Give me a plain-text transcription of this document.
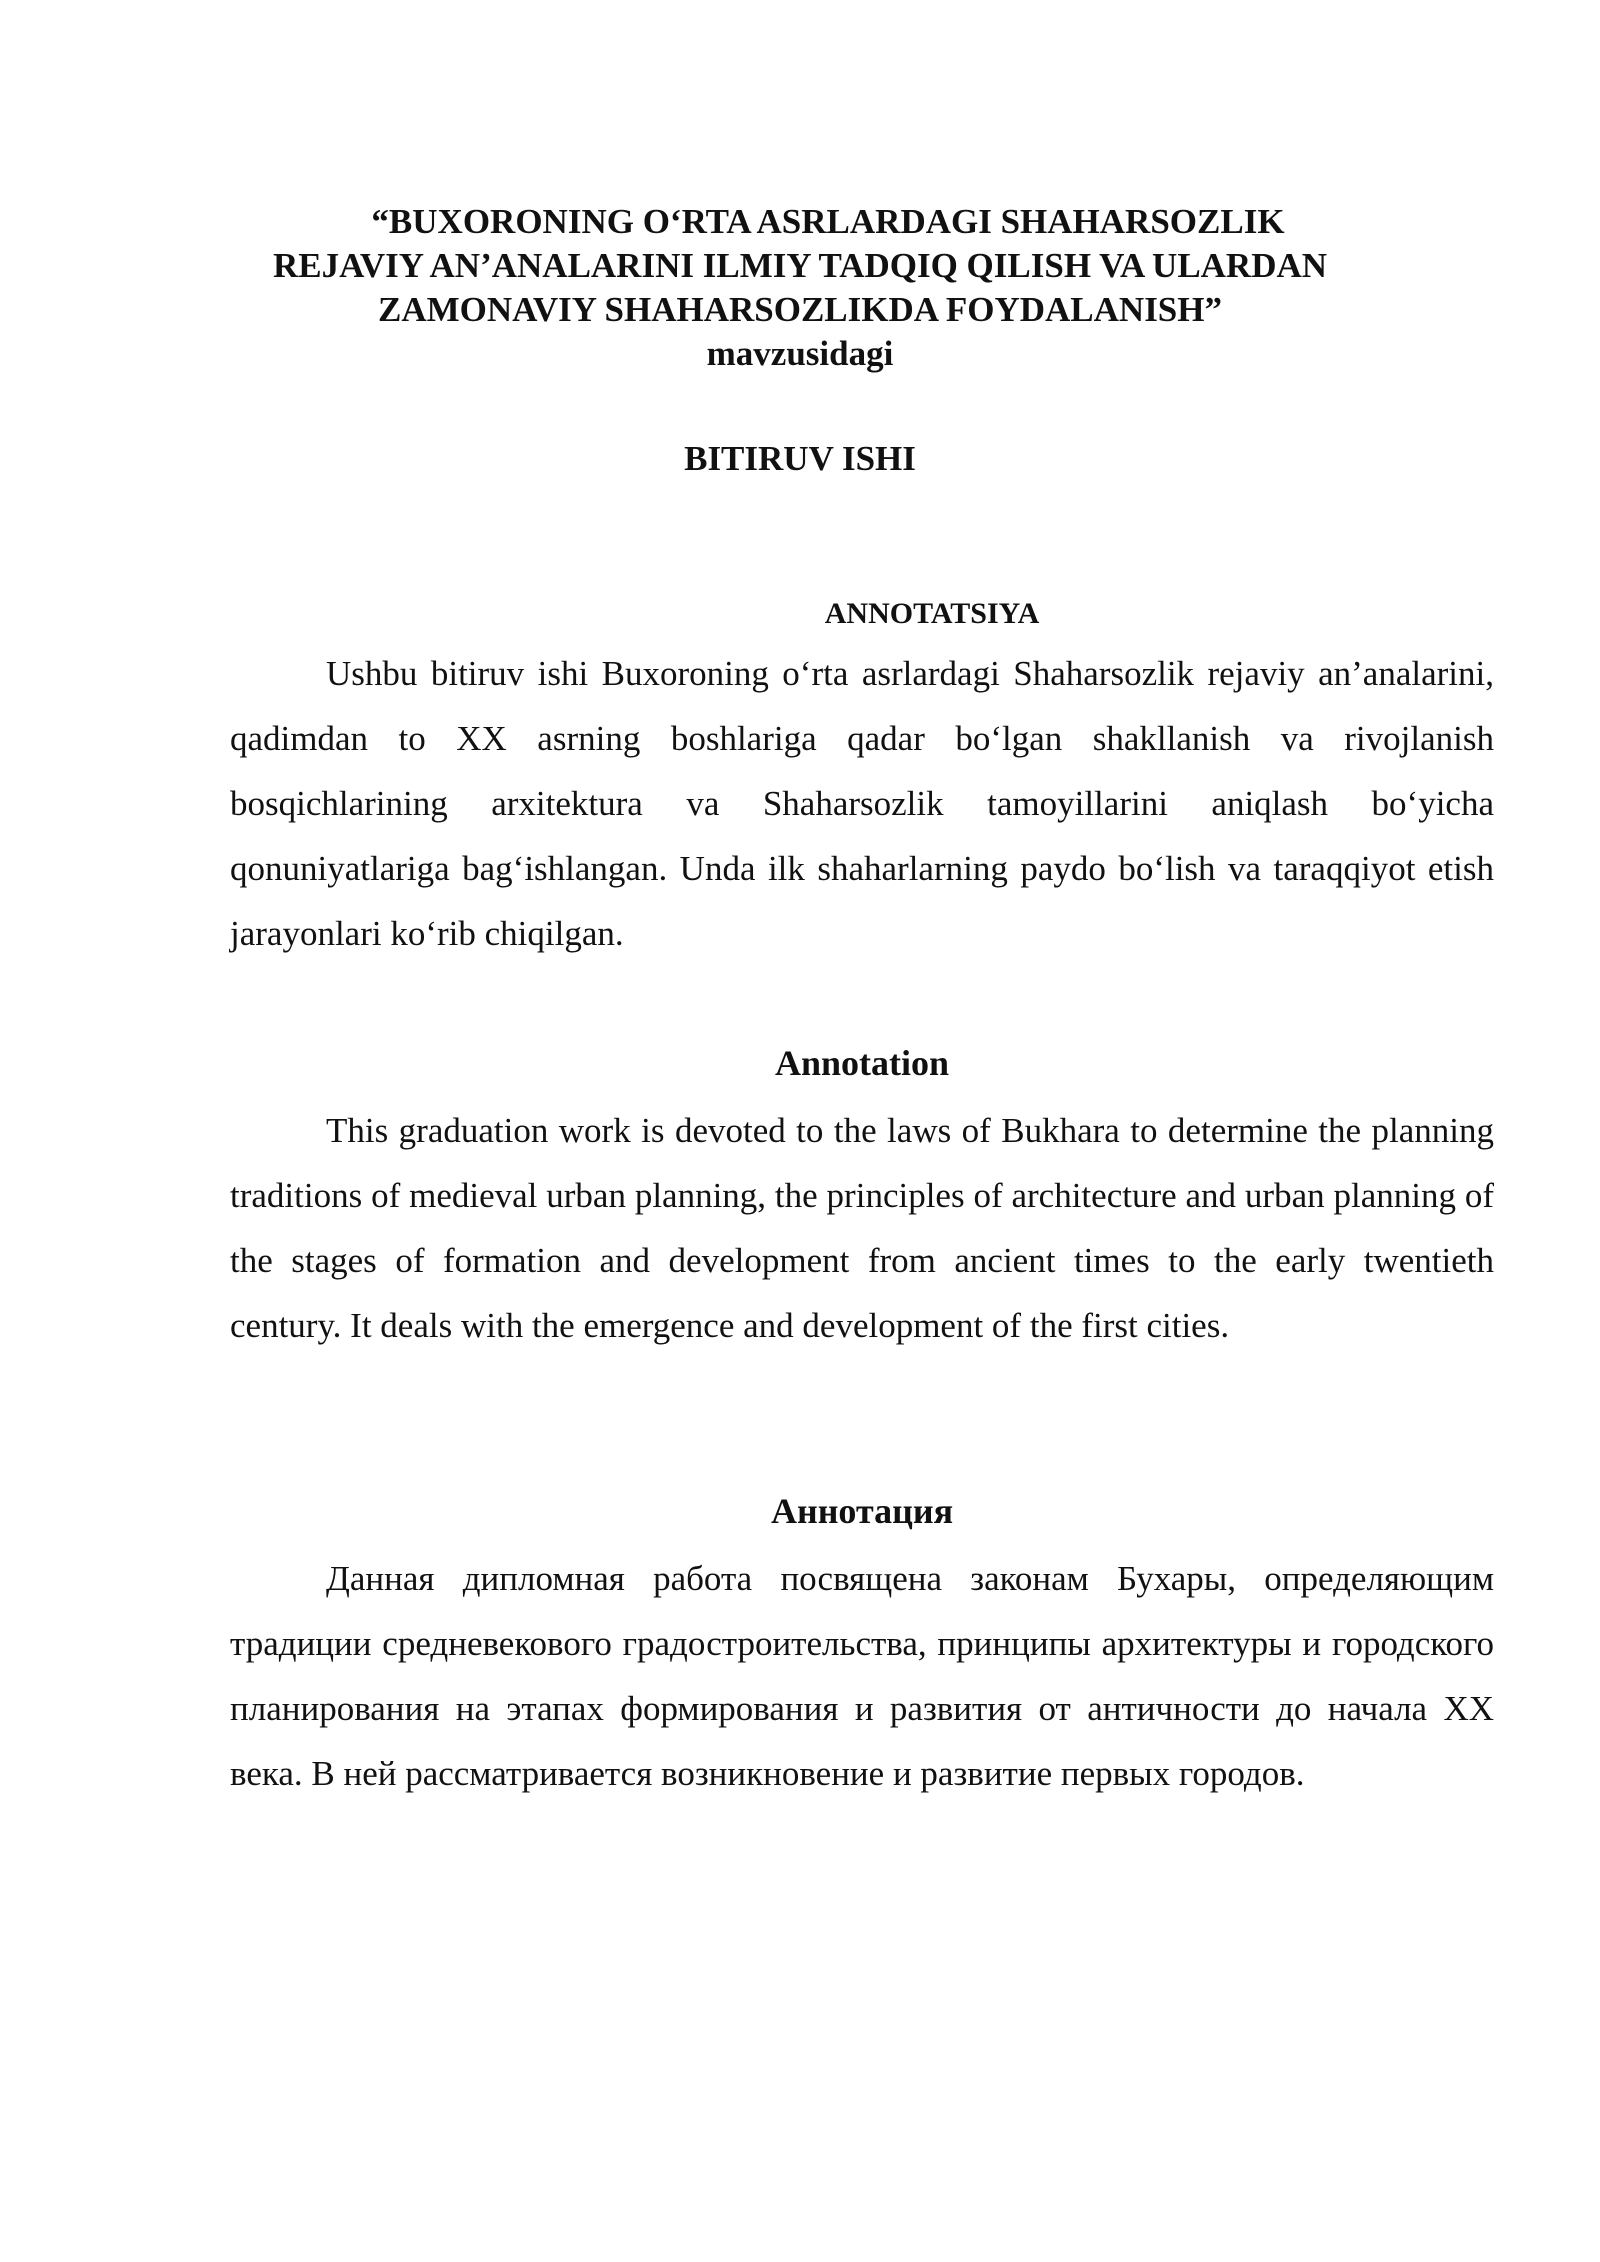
“BUXORONING O‘RTA ASRLARDAGI SHAHARSOZLIK
REJAVIY AN’ANALARINI ILMIY TADQIQ QILISH VA ULARDAN
ZAMONAVIY SHAHARSOZLIKDA FOYDALANISH”
mavzusidagi
BITIRUV ISHI
ANNOTATSIYA

Ushbu bitiruv ishi Buxoroning o‘rta asrlardagi Shaharsozlik rejaviy an’analarini, qadimdan to XX asrning boshlariga qadar bo‘lgan shakllanish va rivojlanish bosqichlarining arxitektura va Shaharsozlik tamoyillarini aniqlash bo‘yicha qonuniyatlariga bag‘ishlangan. Unda ilk shaharlarning paydo bo‘lish va taraqqiyot etish jarayonlari ko‘rib chiqilgan.

Annotation

This graduation work is devoted to the laws of Bukhara to determine the planning traditions of medieval urban planning, the principles of architecture and urban planning of the stages of formation and development from ancient times to the early twentieth century. It deals with the emergence and development of the first cities.

Аннотация

Данная дипломная работа посвящена законам Бухары, определяющим традиции средневекового градостроительства, принципы архитектуры и городского планирования на этапах формирования и развития от античности до начала XX века. В ней рассматривается возникновение и развитие первых городов.
